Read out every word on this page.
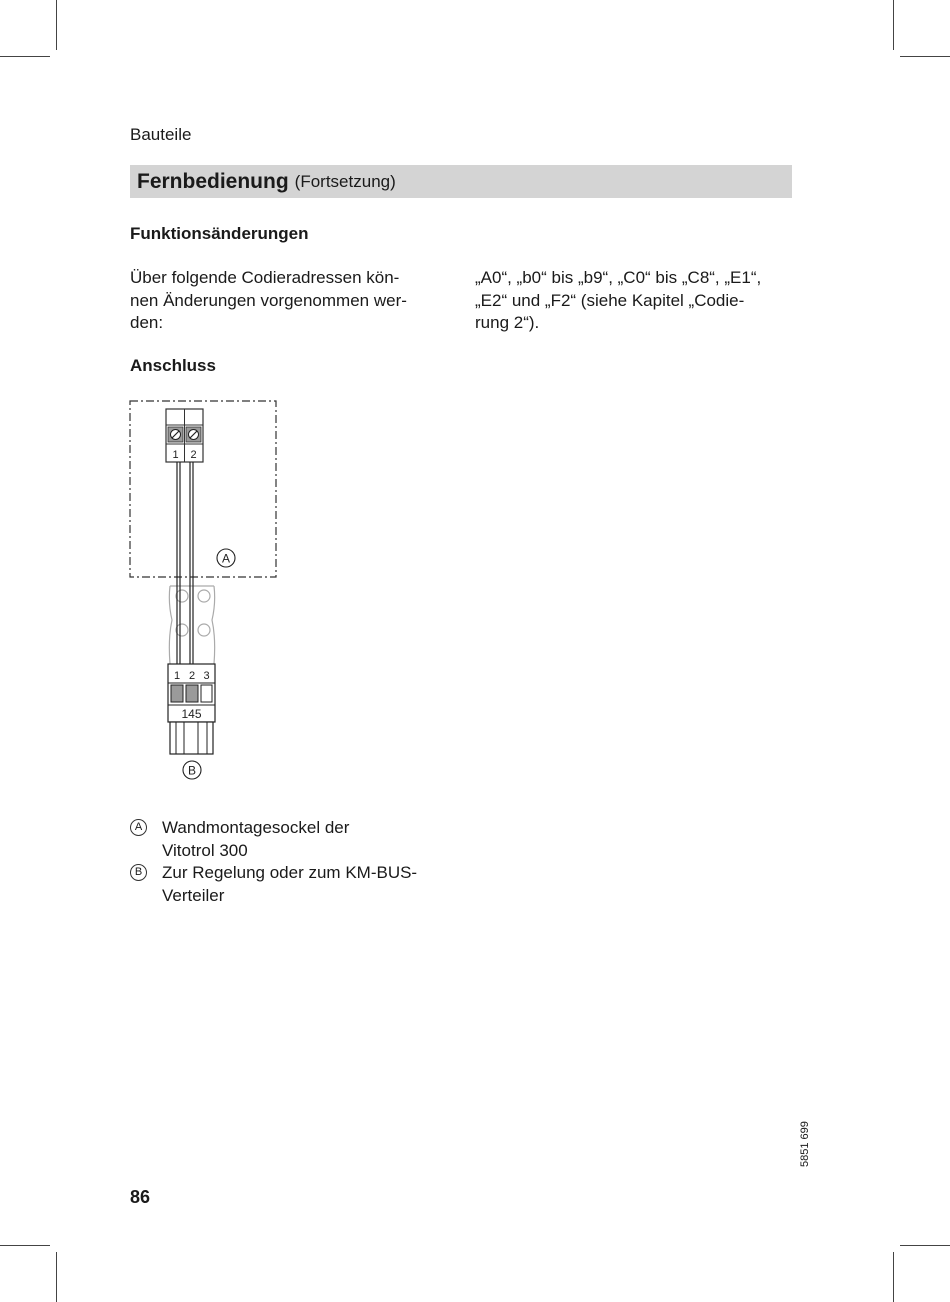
Bauteile
Fernbedienung (Fortsetzung)
Funktionsänderungen

Über folgende Codieradressen kön-
nen Änderungen vorgenommen wer-
den:

„A0“, „b0“ bis „b9“, „C0“ bis „C8“, „E1“,
„E2“ und „F2“ (siehe Kapitel „Codie-
rung 2“).

Anschluss
1 2
A
1 2 3
145
B
A Wandmontagesockel der
Vitotrol 300
B Zur Regelung oder zum KM-BUS-
Verteiler
5851 699
86
